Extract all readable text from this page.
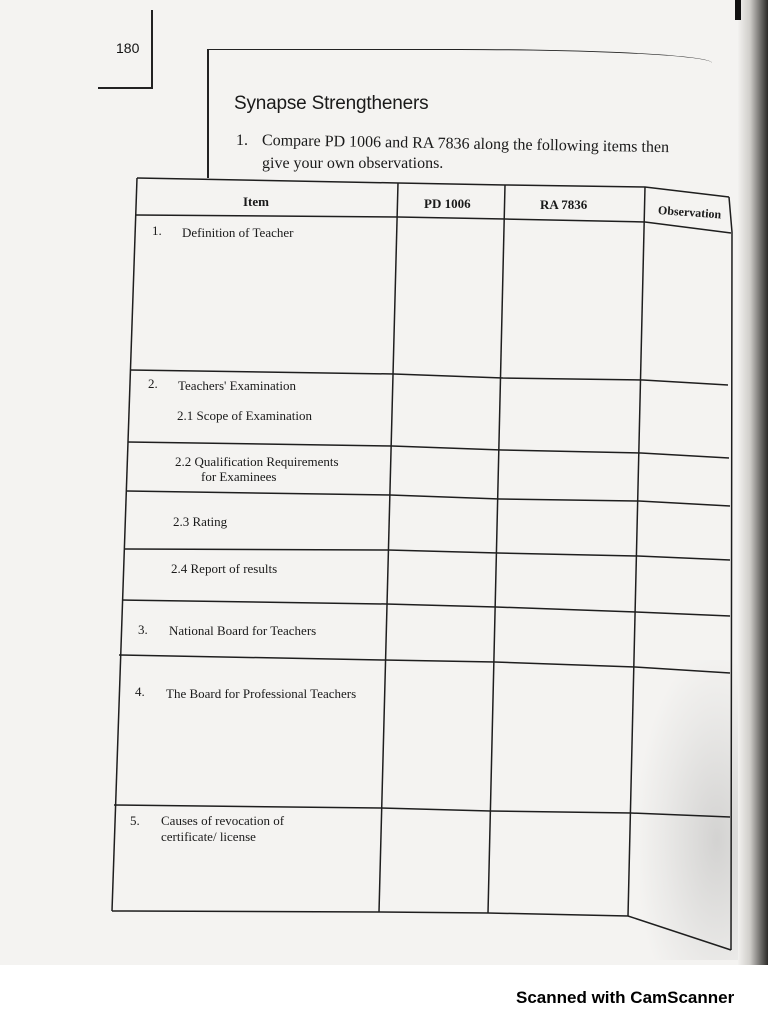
180
Synapse Strengtheners
1. Compare PD 1006 and RA 7836 along the following items then
give your own observations.
Item	PD 1006	RA 7836	Observation
1. Definition of Teacher
2. Teachers' Examination
2.1 Scope of Examination
2.2 Qualification Requirements
for Examinees
2.3 Rating
2.4 Report of results
3. National Board for Teachers
4. The Board for Professional Teachers
5. Causes of revocation of
certificate/ license
Scanned with CamScanner
